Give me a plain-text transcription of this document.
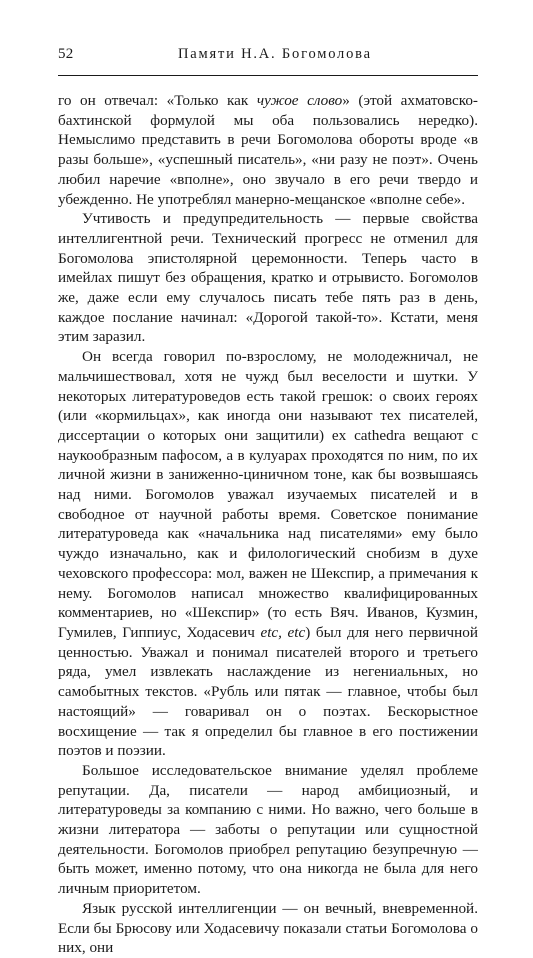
52	Памяти Н.А. Богомолова

го он отвечал: «Только как чужое слово» (этой ахматовско-бахтинской формулой мы оба пользовались нередко). Немыслимо представить в речи Богомолова обороты вроде «в разы больше», «успешный писатель», «ни разу не поэт». Очень любил наречие «вполне», оно звучало в его речи твердо и убежденно. Не употреблял манерно-мещанское «вполне себе».

Учтивость и предупредительность — первые свойства интеллигентной речи. Технический прогресс не отменил для Богомолова эпистолярной церемонности. Теперь часто в имейлах пишут без обращения, кратко и отрывисто. Богомолов же, даже если ему случалось писать тебе пять раз в день, каждое послание начинал: «Дорогой такой-то». Кстати, меня этим заразил.

Он всегда говорил по-взрослому, не молодежничал, не мальчишествовал, хотя не чужд был веселости и шутки. У некоторых литературоведов есть такой грешок: о своих героях (или «кормильцах», как иногда они называют тех писателей, диссертации о которых они защитили) ex cathedra вещают с наукообразным пафосом, а в кулуарах проходятся по ним, по их личной жизни в заниженно-циничном тоне, как бы возвышаясь над ними. Богомолов уважал изучаемых писателей и в свободное от научной работы время. Советское понимание литературоведа как «начальника над писателями» ему было чуждо изначально, как и филологический снобизм в духе чеховского профессора: мол, важен не Шекспир, а примечания к нему. Богомолов написал множество квалифицированных комментариев, но «Шекспир» (то есть Вяч. Иванов, Кузмин, Гумилев, Гиппиус, Ходасевич etc, etc) был для него первичной ценностью. Уважал и понимал писателей второго и третьего ряда, умел извлекать наслаждение из негениальных, но самобытных текстов. «Рубль или пятак — главное, чтобы был настоящий» — говаривал он о поэтах. Бескорыстное восхищение — так я определил бы главное в его постижении поэтов и поэзии.

Большое исследовательское внимание уделял проблеме репутации. Да, писатели — народ амбициозный, и литературоведы за компанию с ними. Но важно, чего больше в жизни литератора — заботы о репутации или сущностной деятельности. Богомолов приобрел репутацию безупречную — быть может, именно потому, что она никогда не была для него личным приоритетом.

Язык русской интеллигенции — он вечный, вневременной. Если бы Брюсову или Ходасевичу показали статьи Богомолова о них, они
